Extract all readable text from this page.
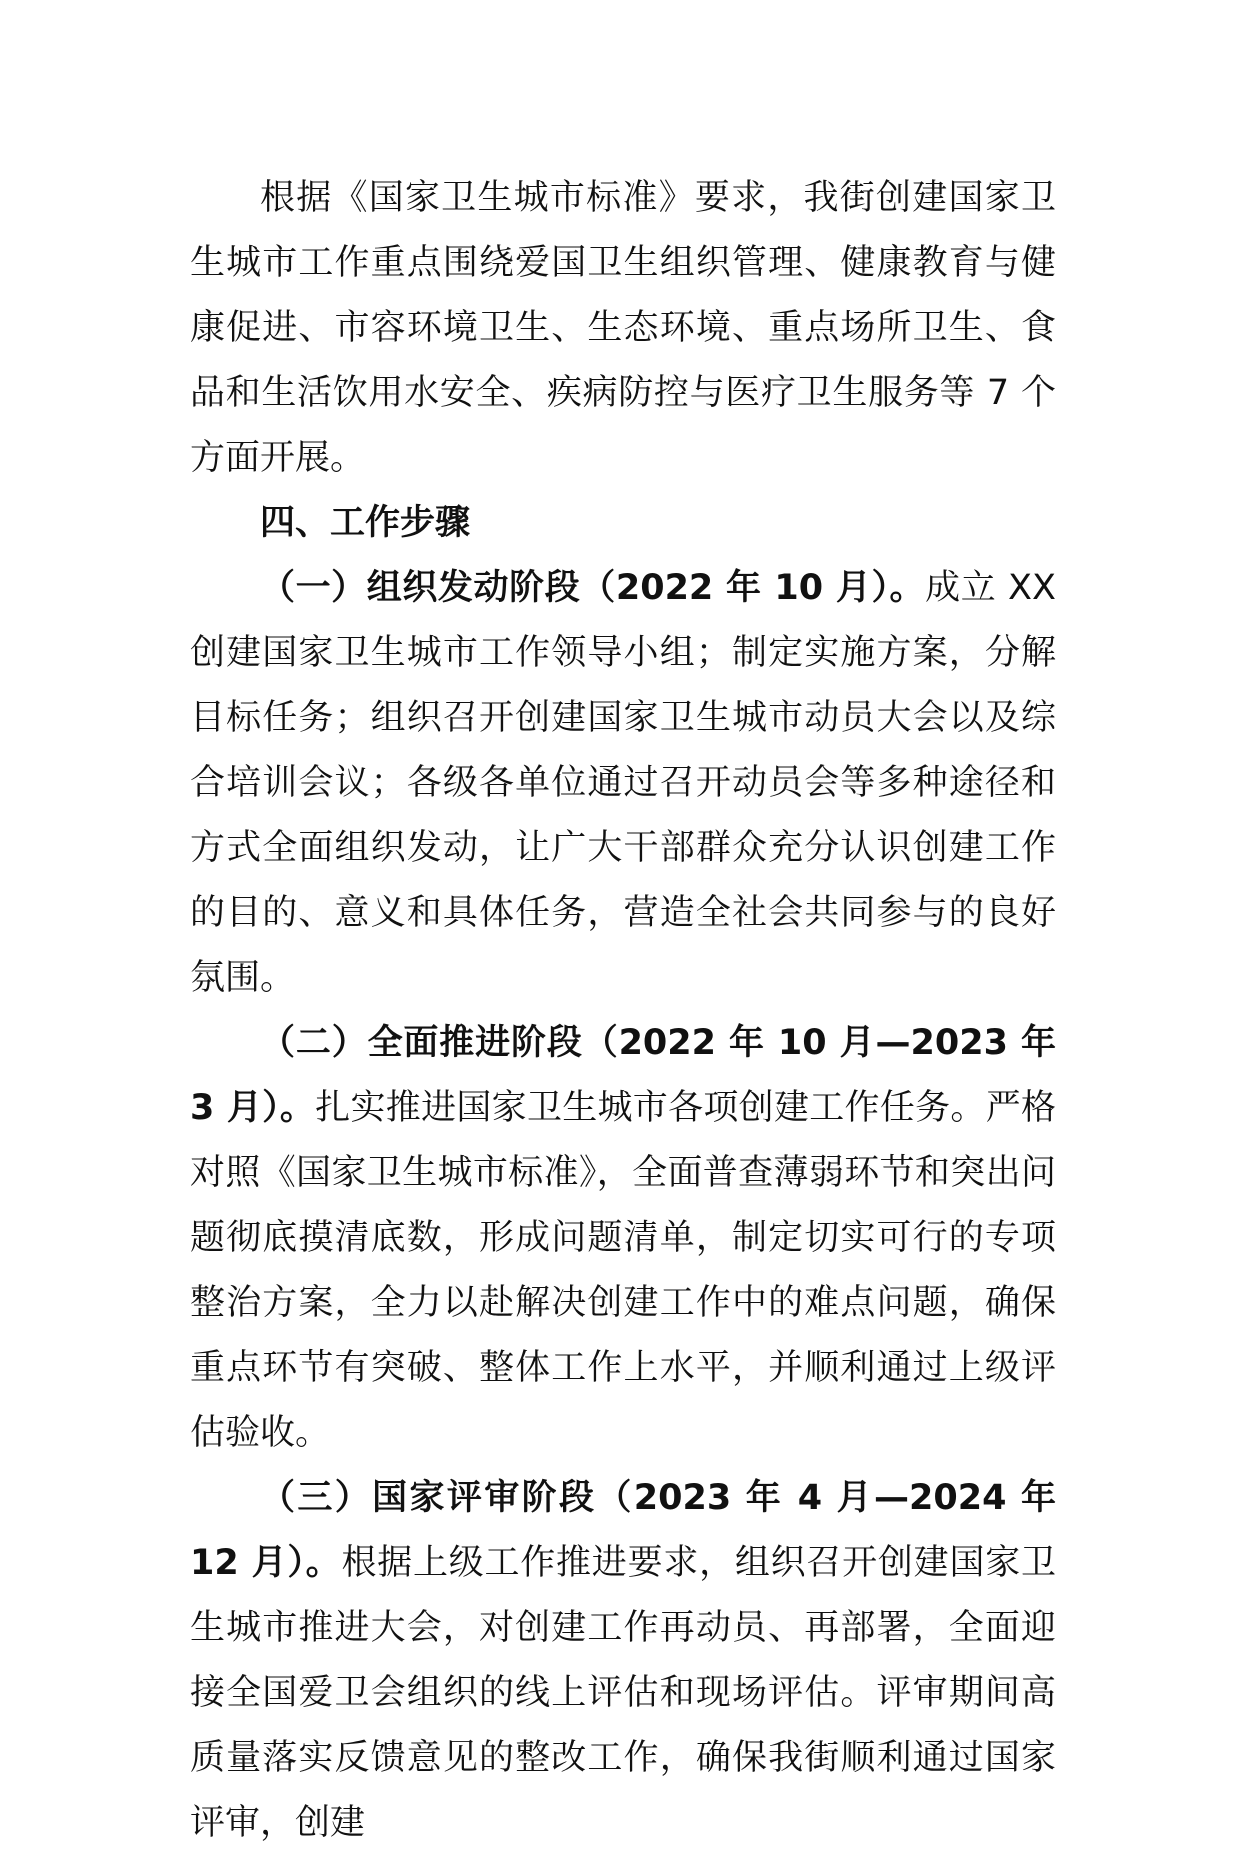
根据《国家卫生城市标准》要求，我街创建国家卫生城市工作重点围绕爱国卫生组织管理、健康教育与健康促进、市容环境卫生、生态环境、重点场所卫生、食品和生活饮用水安全、疾病防控与医疗卫生服务等 7 个方面开展。

四、工作步骤

（一）组织发动阶段（2022 年 10 月）。成立 XX 创建国家卫生城市工作领导小组；制定实施方案，分解目标任务；组织召开创建国家卫生城市动员大会以及综合培训会议；各级各单位通过召开动员会等多种途径和方式全面组织发动，让广大干部群众充分认识创建工作的目的、意义和具体任务，营造全社会共同参与的良好氛围。

（二）全面推进阶段（2022 年 10 月—2023 年 3 月）。扎实推进国家卫生城市各项创建工作任务。严格对照《国家卫生城市标准》，全面普查薄弱环节和突出问题彻底摸清底数，形成问题清单，制定切实可行的专项整治方案，全力以赴解决创建工作中的难点问题，确保重点环节有突破、整体工作上水平，并顺利通过上级评估验收。

（三）国家评审阶段（2023 年 4 月—2024 年 12 月）。根据上级工作推进要求，组织召开创建国家卫生城市推进大会，对创建工作再动员、再部署，全面迎接全国爱卫会组织的线上评估和现场评估。评审期间高质量落实反馈意见的整改工作，确保我街顺利通过国家评审，创建
